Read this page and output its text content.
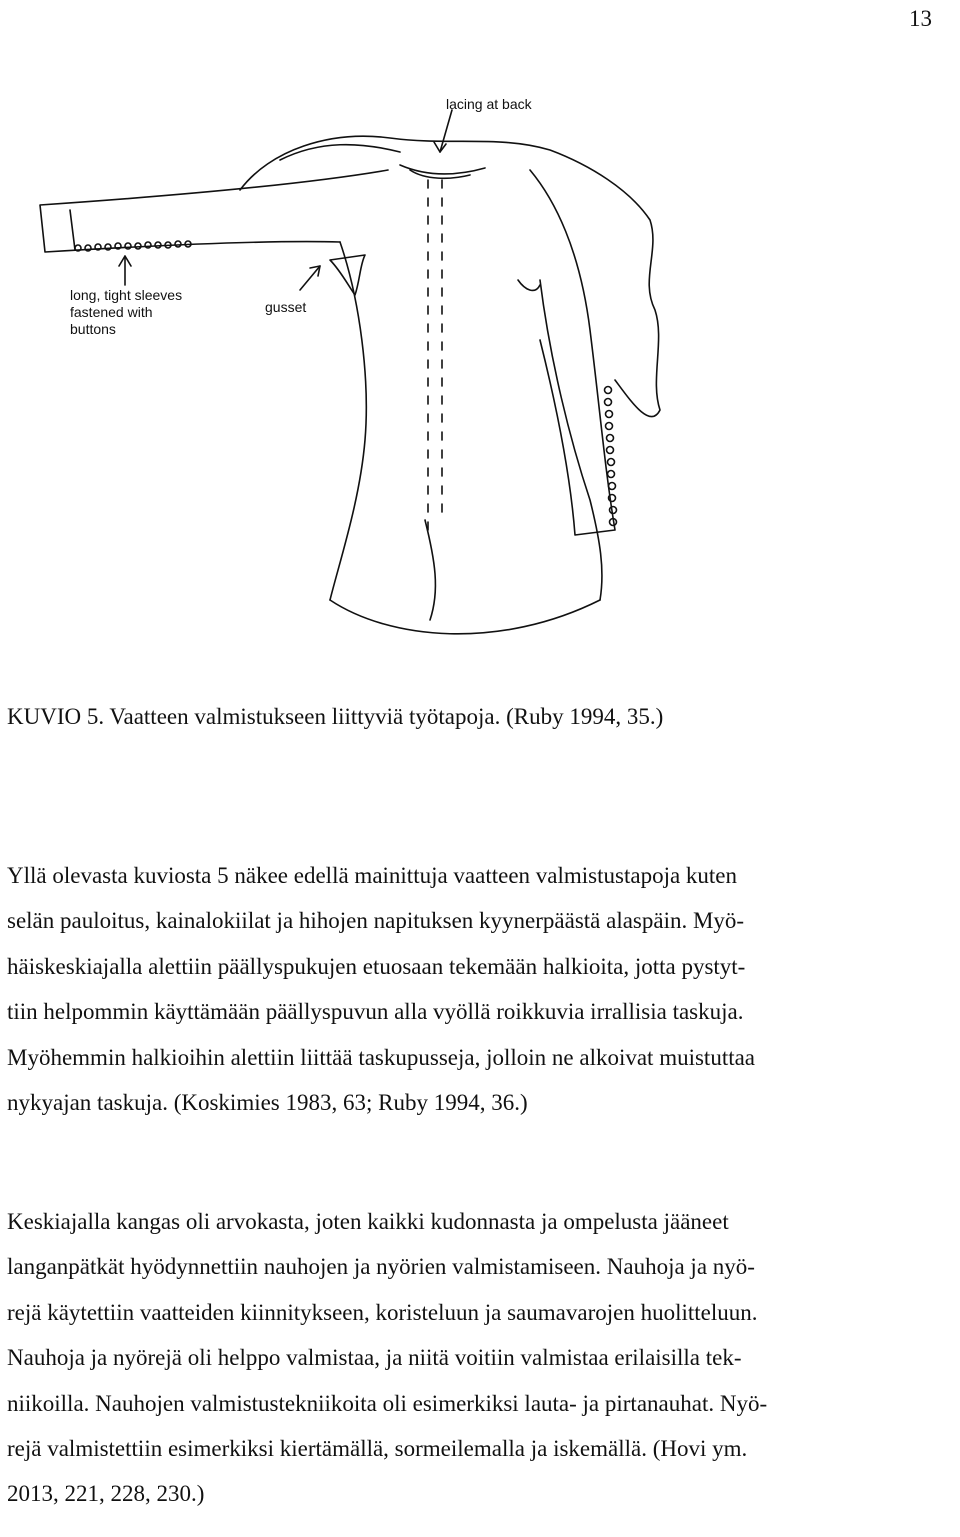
13
lacing at back
long, tight sleeves
fastened with
buttons
gusset
KUVIO 5. Vaatteen valmistukseen liittyviä työtapoja. (Ruby 1994, 35.)

Yllä olevasta kuviosta 5 näkee edellä mainittuja vaatteen valmistustapoja kuten
selän pauloitus, kainalokiilat ja hihojen napituksen kyynerpäästä alaspäin. Myö-
häiskeskiajalla alettiin päällyspukujen etuosaan tekemään halkioita, jotta pystyt-
tiin helpommin käyttämään päällyspuvun alla vyöllä roikkuvia irrallisia taskuja.
Myöhemmin halkioihin alettiin liittää taskupusseja, jolloin ne alkoivat muistuttaa
nykyajan taskuja. (Koskimies 1983, 63; Ruby 1994, 36.)

Keskiajalla kangas oli arvokasta, joten kaikki kudonnasta ja ompelusta jääneet
langanpätkät hyödynnettiin nauhojen ja nyörien valmistamiseen. Nauhoja ja nyö-
rejä käytettiin vaatteiden kiinnitykseen, koristeluun ja saumavarojen huolitteluun.
Nauhoja ja nyörejä oli helppo valmistaa, ja niitä voitiin valmistaa erilaisilla tek-
niikoilla. Nauhojen valmistustekniikoita oli esimerkiksi lauta- ja pirtanauhat. Nyö-
rejä valmistettiin esimerkiksi kiertämällä, sormeilemalla ja iskemällä. (Hovi ym.
2013, 221, 228, 230.)
